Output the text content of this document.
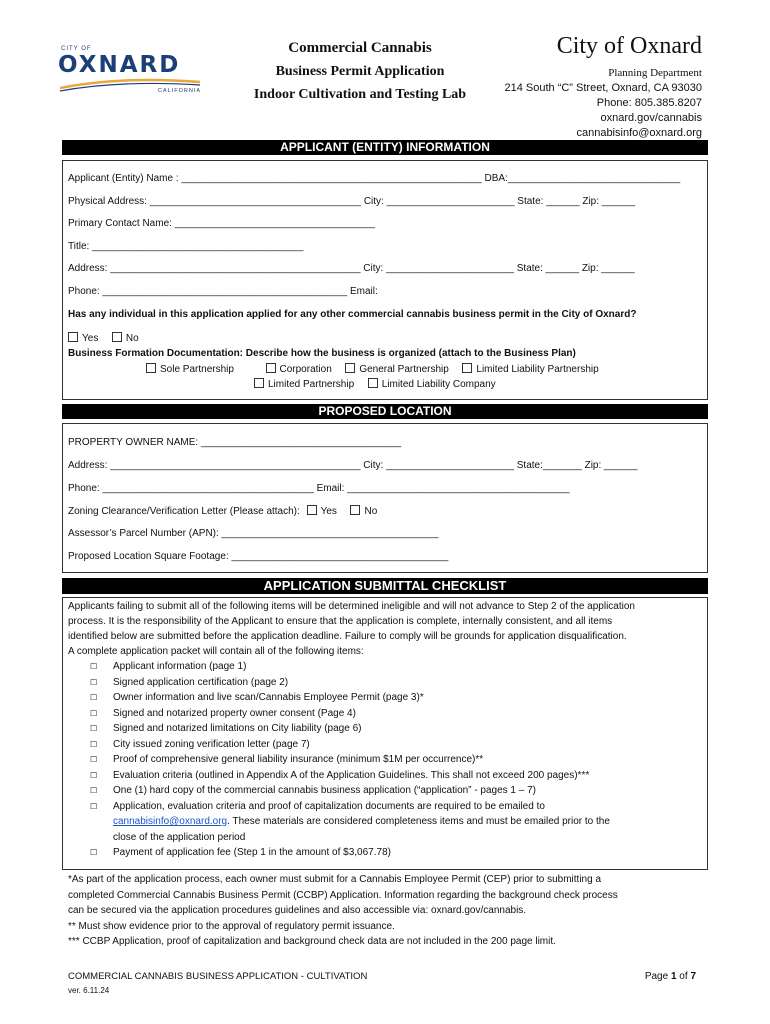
CITY OF
OXNARD
CALIFORNIA
Commercial Cannabis
Business Permit Application
Indoor Cultivation and Testing Lab
City of Oxnard
Planning Department
214 South “C” Street, Oxnard, CA 93030
Phone: 805.385.8207
oxnard.gov/cannabis
cannabisinfo@oxnard.org
APPLICANT (ENTITY) INFORMATION
Applicant (Entity) Name : ______________________________________________________ DBA:_______________________________
Physical Address: ______________________________________ City: _______________________ State: ______ Zip: ______
Primary Contact Name: ____________________________________
Title: ______________________________________
Address: _____________________________________________ City: _______________________ State: ______ Zip: ______
Phone: ____________________________________________ Email:
Has any individual in this application applied for any other commercial cannabis business permit in the City of Oxnard?
Yes	No
Business Formation Documentation: Describe how the business is organized (attach to the Business Plan)
Sole Partnership	Corporation	General Partnership	Limited Liability Partnership
Limited Partnership	Limited Liability Company
PROPOSED LOCATION
PROPERTY OWNER NAME: ____________________________________
Address: _____________________________________________ City: _______________________ State:_______ Zip: ______
Phone: ______________________________________ Email: ________________________________________
Zoning Clearance/Verification Letter (Please attach): Yes	No
Assessor’s Parcel Number (APN): _______________________________________
Proposed Location Square Footage: _______________________________________
APPLICATION SUBMITTAL CHECKLIST
Applicants failing to submit all of the following items will be determined ineligible and will not advance to Step 2 of the application
process. It is the responsibility of the Applicant to ensure that the application is complete, internally consistent, and all items
identified below are submitted before the application deadline. Failure to comply will be grounds for application disqualification.
A complete application packet will contain all of the following items:
☐ Applicant information (page 1)
☐ Signed application certification (page 2)
☐ Owner information and live scan/Cannabis Employee Permit (page 3)*
☐ Signed and notarized property owner consent (Page 4)
☐ Signed and notarized limitations on City liability (page 6)
☐ City issued zoning verification letter (page 7)
☐ Proof of comprehensive general liability insurance (minimum $1M per occurrence)**
☐ Evaluation criteria (outlined in Appendix A of the Application Guidelines. This shall not exceed 200 pages)***
☐ One (1) hard copy of the commercial cannabis business application (“application” - pages 1 – 7)
☐	Application, evaluation criteria and proof of capitalization documents are required to be emailed to
cannabisinfo@oxnard.org. These materials are considered completeness items and must be emailed prior to the
close of the application period
☐ Payment of application fee (Step 1 in the amount of $3,067.78)
*As part of the application process, each owner must submit for a Cannabis Employee Permit (CEP) prior to submitting a
completed Commercial Cannabis Business Permit (CCBP) Application. Information regarding the background check process
can be secured via the application procedures guidelines and also accessible via: oxnard.gov/cannabis.
** Must show evidence prior to the approval of regulatory permit issuance.
*** CCBP Application, proof of capitalization and background check data are not included in the 200 page limit.
COMMERCIAL CANNABIS BUSINESS APPLICATION - CULTIVATION
ver. 6.11.24
Page 1 of 7
